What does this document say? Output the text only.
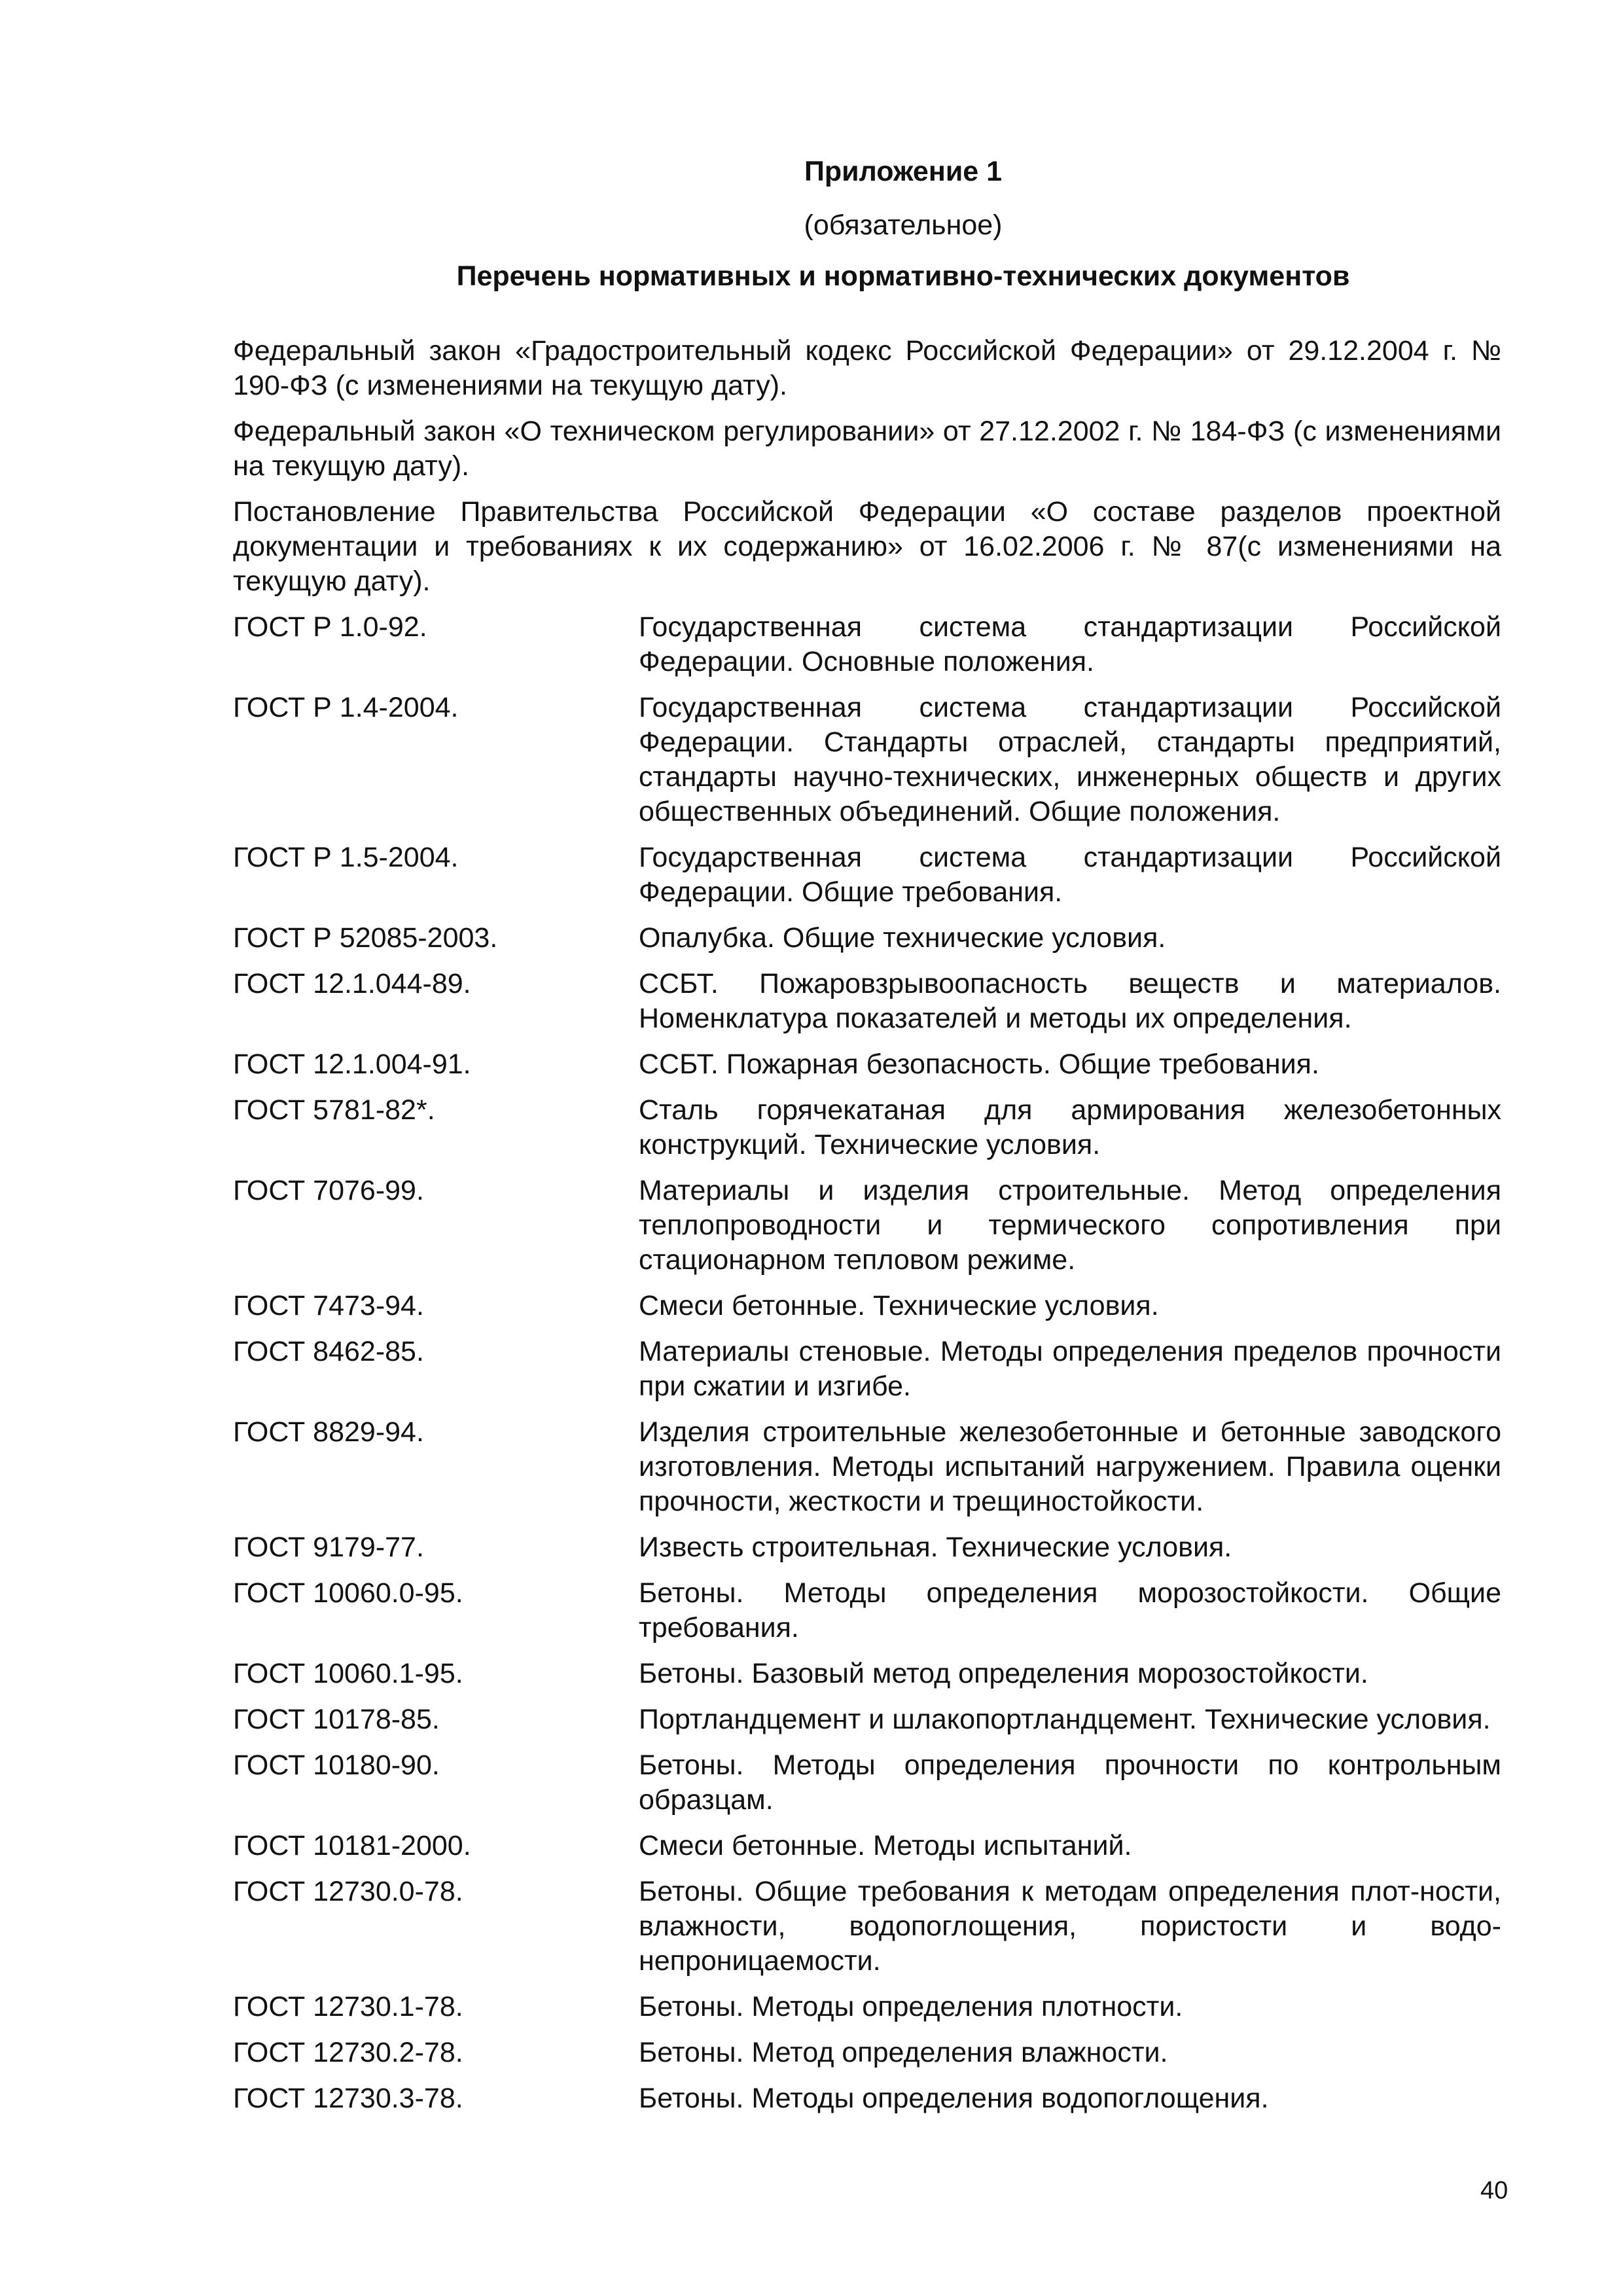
Приложение 1
(обязательное)
Перечень нормативных и нормативно-технических документов

Федеральный закон «Градостроительный кодекс Российской Федерации» от 29.12.2004 г. № 190-ФЗ (с изменениями на текущую дату).

Федеральный закон «О техническом регулировании» от 27.12.2002 г. № 184-ФЗ (с изменениями на текущую дату).

Постановление Правительства Российской Федерации «О составе разделов проектной документации и требованиях к их содержанию» от 16.02.2006 г. № 87(с изменениями на текущую дату).

ГОСТ Р 1.0-92.	Государственная система стандартизации Российской Федерации. Основные положения.
ГОСТ Р 1.4-2004.	Государственная система стандартизации Российской Федерации. Стандарты отраслей, стандарты предприятий, стандарты научно-технических, инженерных обществ и других общественных объединений. Общие положения.
ГОСТ Р 1.5-2004.	Государственная система стандартизации Российской Федерации. Общие требования.
ГОСТ Р 52085-2003.	Опалубка. Общие технические условия.
ГОСТ 12.1.044-89.	ССБТ. Пожаровзрывоопасность веществ и материалов. Номенклатура показателей и методы их определения.
ГОСТ 12.1.004-91.	ССБТ. Пожарная безопасность. Общие требования.
ГОСТ 5781-82*.	Сталь горячекатаная для армирования железобетонных конструкций. Технические условия.
ГОСТ 7076-99.	Материалы и изделия строительные. Метод определения теплопроводности и термического сопротивления при стационарном тепловом режиме.
ГОСТ 7473-94.	Смеси бетонные. Технические условия.
ГОСТ 8462-85.	Материалы стеновые. Методы определения пределов прочности при сжатии и изгибе.
ГОСТ 8829-94.	Изделия строительные железобетонные и бетонные заводского изготовления. Методы испытаний нагружением. Правила оценки прочности, жесткости и трещиностойкости.
ГОСТ 9179-77.	Известь строительная. Технические условия.
ГОСТ 10060.0-95.	Бетоны. Методы определения морозостойкости. Общие требования.
ГОСТ 10060.1-95.	Бетоны. Базовый метод определения морозостойкости.
ГОСТ 10178-85.	Портландцемент и шлакопортландцемент. Технические условия.
ГОСТ 10180-90.	Бетоны. Методы определения прочности по контрольным образцам.
ГОСТ 10181-2000.	Смеси бетонные. Методы испытаний.
ГОСТ 12730.0-78.	Бетоны. Общие требования к методам определения плот-ности, влажности, водопоглощения, пористости и водо-непроницаемости.
ГОСТ 12730.1-78.	Бетоны. Методы определения плотности.
ГОСТ 12730.2-78.	Бетоны. Метод определения влажности.
ГОСТ 12730.3-78.	Бетоны. Методы определения водопоглощения.
40
